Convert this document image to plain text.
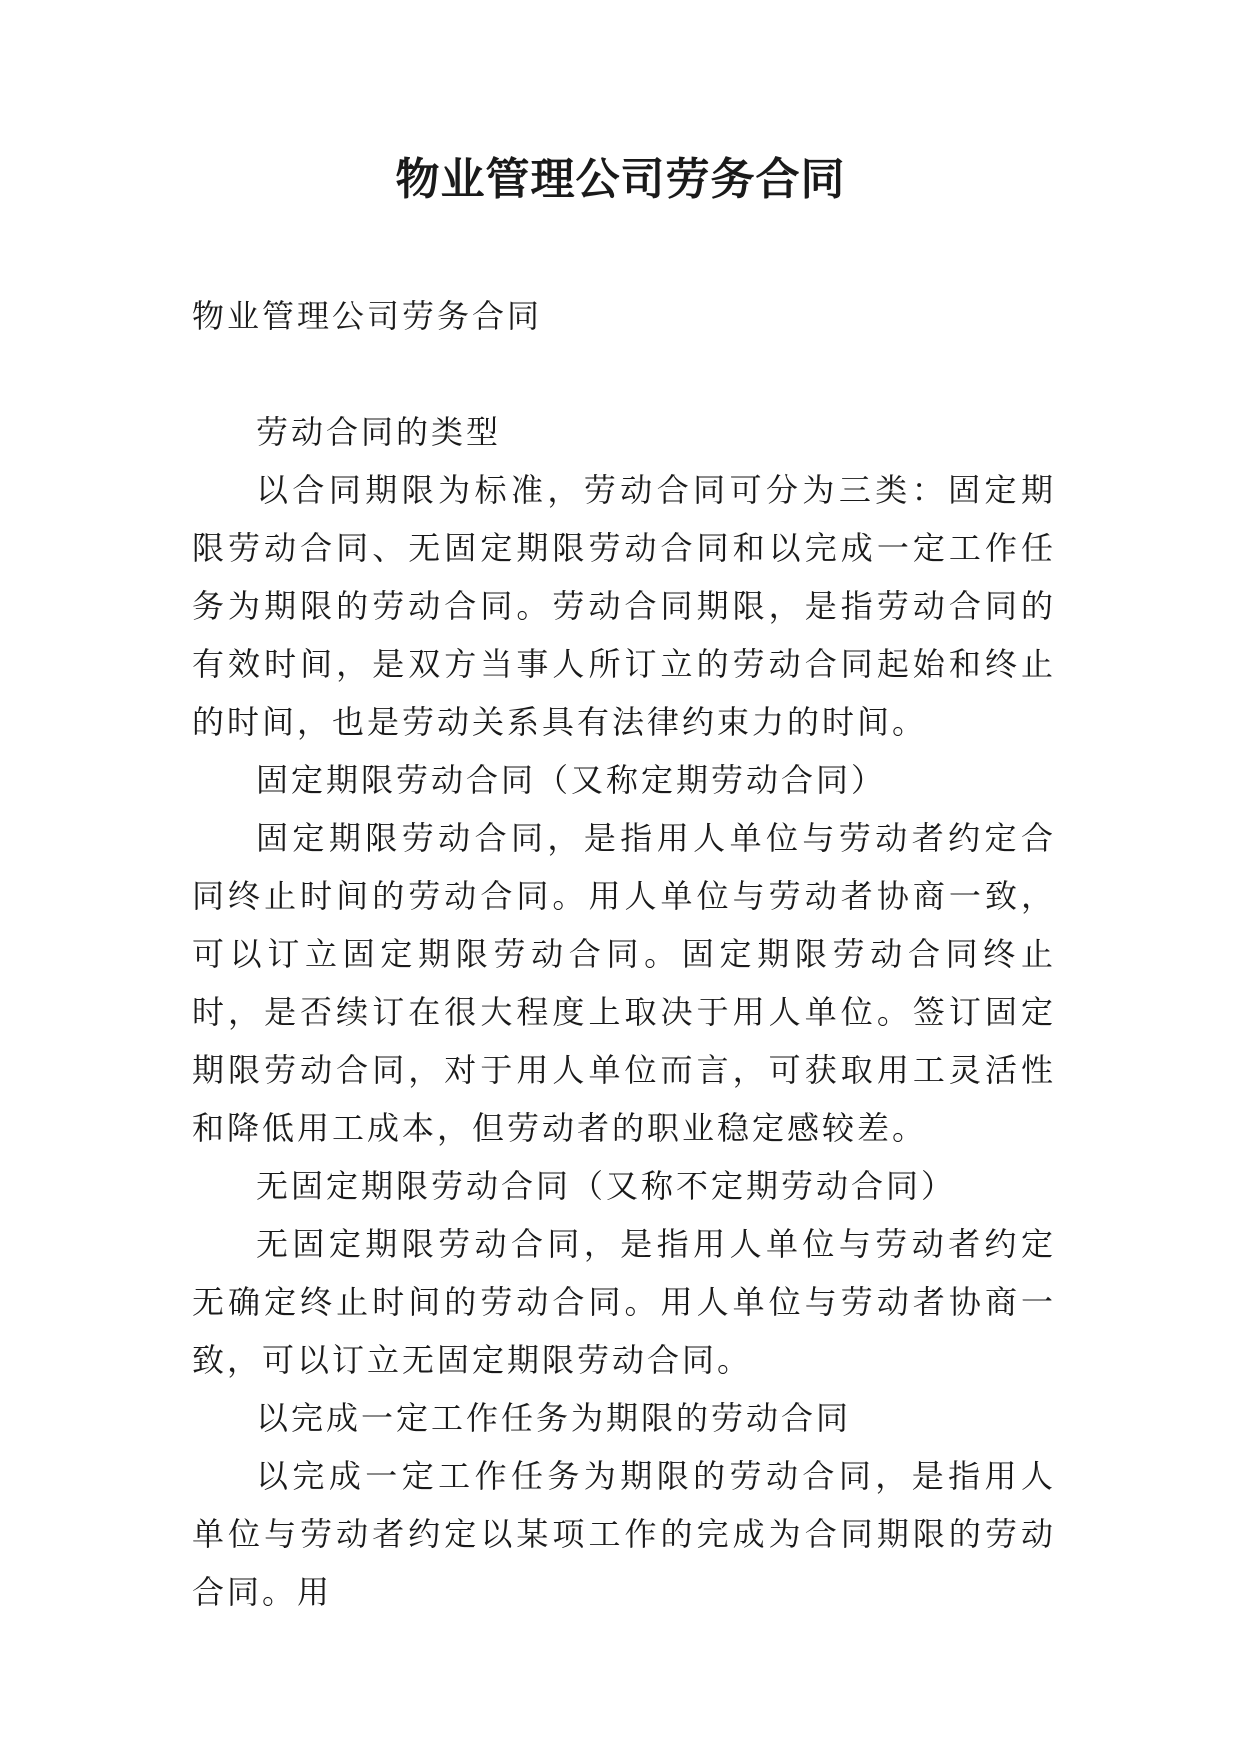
物业管理公司劳务合同

物业管理公司劳务合同

劳动合同的类型

以合同期限为标准，劳动合同可分为三类：固定期限劳动合同、无固定期限劳动合同和以完成一定工作任务为期限的劳动合同。劳动合同期限，是指劳动合同的有效时间，是双方当事人所订立的劳动合同起始和终止的时间，也是劳动关系具有法律约束力的时间。

固定期限劳动合同（又称定期劳动合同）

固定期限劳动合同，是指用人单位与劳动者约定合同终止时间的劳动合同。用人单位与劳动者协商一致，可以订立固定期限劳动合同。固定期限劳动合同终止时，是否续订在很大程度上取决于用人单位。签订固定期限劳动合同，对于用人单位而言，可获取用工灵活性和降低用工成本，但劳动者的职业稳定感较差。

无固定期限劳动合同（又称不定期劳动合同）

无固定期限劳动合同，是指用人单位与劳动者约定无确定终止时间的劳动合同。用人单位与劳动者协商一致，可以订立无固定期限劳动合同。

以完成一定工作任务为期限的劳动合同

以完成一定工作任务为期限的劳动合同，是指用人单位与劳动者约定以某项工作的完成为合同期限的劳动合同。用
